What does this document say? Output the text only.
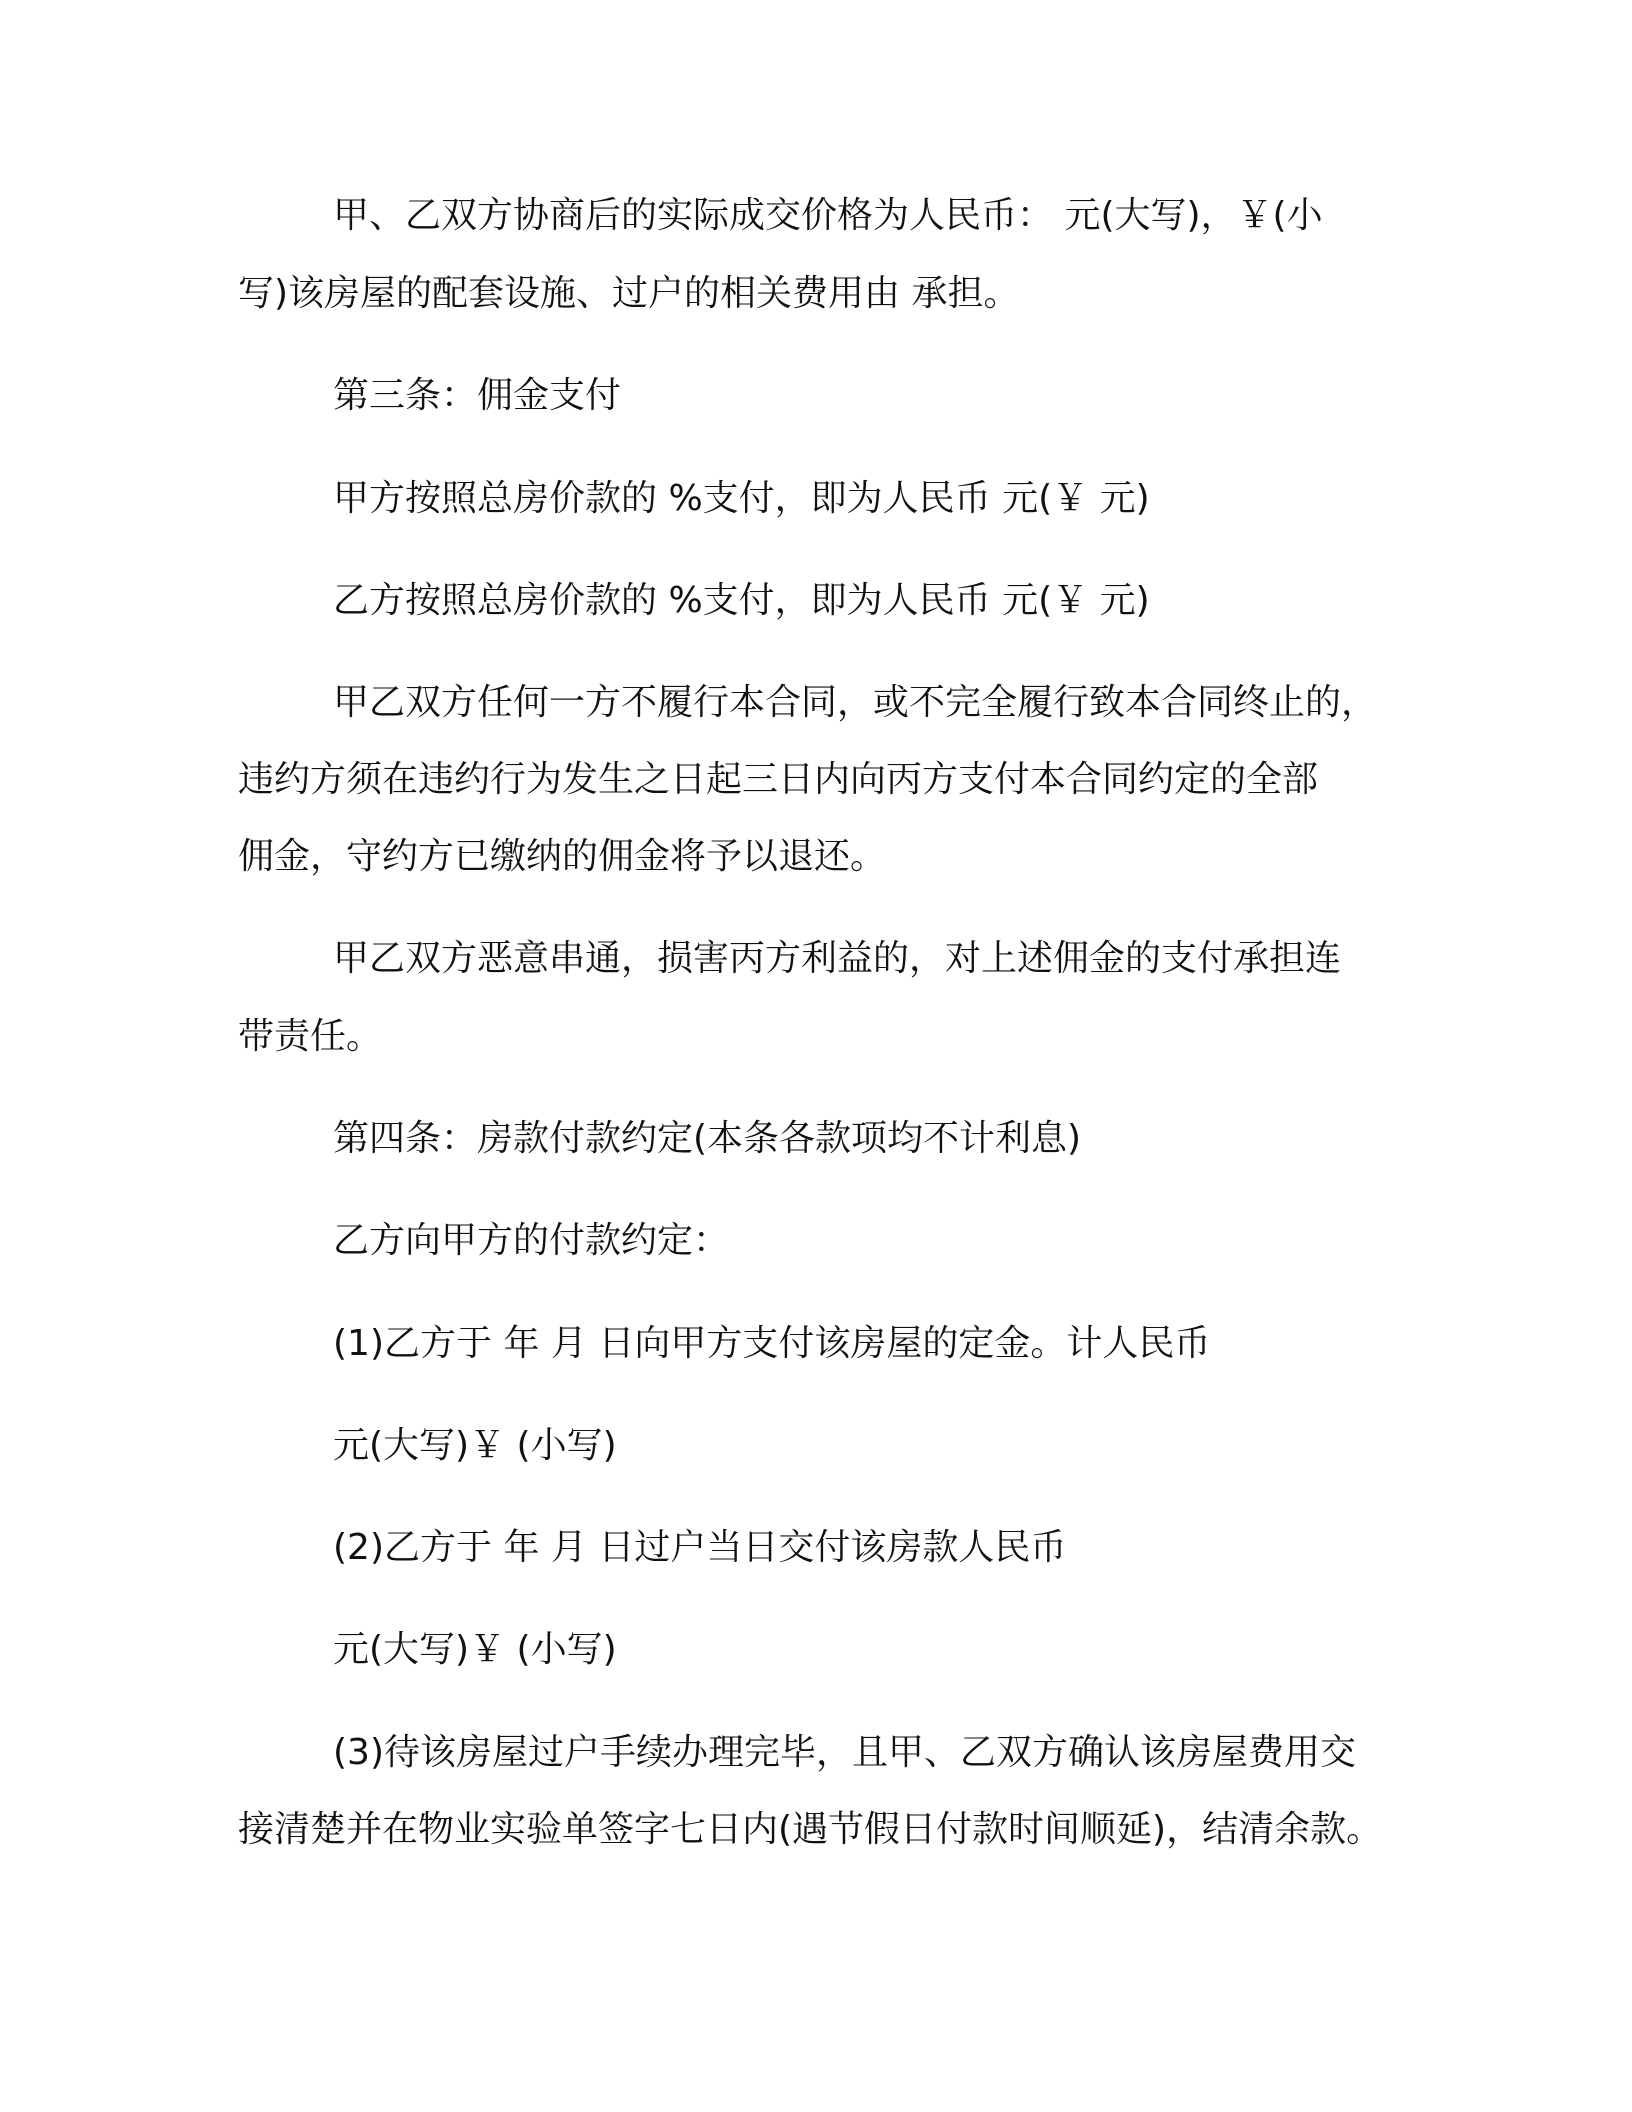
甲、乙双方协商后的实际成交价格为人民币： 元(大写)，￥(小

写)该房屋的配套设施、过户的相关费用由 承担。

第三条：佣金支付

甲方按照总房价款的 %支付，即为人民币 元(￥ 元)

乙方按照总房价款的 %支付，即为人民币 元(￥ 元)

甲乙双方任何一方不履行本合同，或不完全履行致本合同终止的，

违约方须在违约行为发生之日起三日内向丙方支付本合同约定的全部

佣金，守约方已缴纳的佣金将予以退还。

甲乙双方恶意串通，损害丙方利益的，对上述佣金的支付承担连

带责任。

第四条：房款付款约定(本条各款项均不计利息)

乙方向甲方的付款约定：

(1)乙方于 年 月 日向甲方支付该房屋的定金。计人民币

元(大写)￥ (小写)

(2)乙方于 年 月 日过户当日交付该房款人民币

元(大写)￥ (小写)

(3)待该房屋过户手续办理完毕，且甲、乙双方确认该房屋费用交

接清楚并在物业实验单签字七日内(遇节假日付款时间顺延)，结清余款。
